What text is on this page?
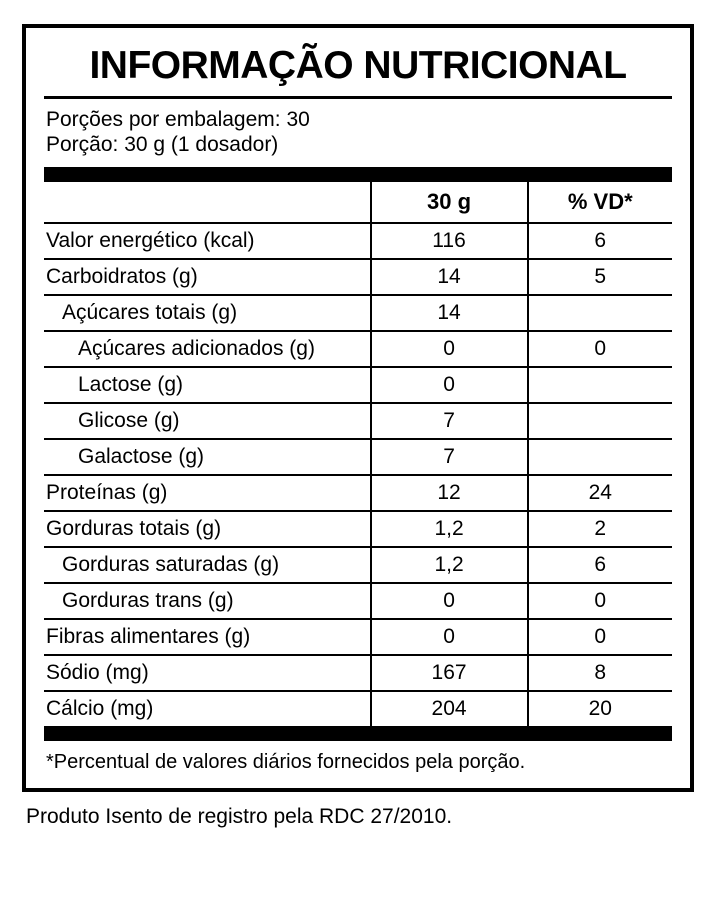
INFORMAÇÃO NUTRICIONAL
Porções por embalagem: 30
Porção: 30 g (1 dosador)
	30 g	% VD*
Valor energético (kcal)	116	6
Carboidratos (g)	14	5
Açúcares totais (g)	14	
Açúcares adicionados (g)	0	0
Lactose (g)	0	
Glicose (g)	7	
Galactose (g)	7	
Proteínas (g)	12	24
Gorduras totais (g)	1,2	2
Gorduras saturadas (g)	1,2	6
Gorduras trans (g)	0	0
Fibras alimentares (g)	0	0
Sódio (mg)	167	8
Cálcio (mg)	204	20
*Percentual de valores diários fornecidos pela porção.
Produto Isento de registro pela RDC 27/2010.
